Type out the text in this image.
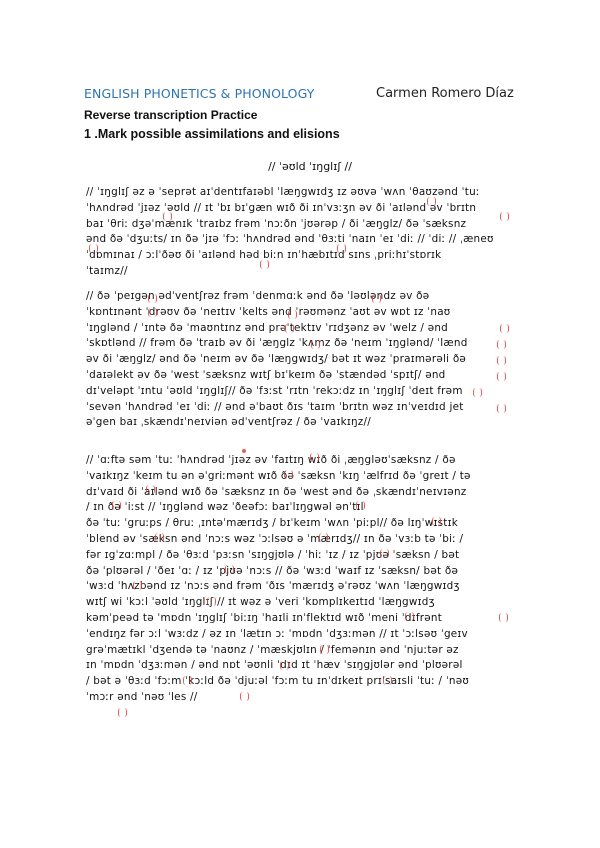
ENGLISH PHONETICS & PHONOLOGY	Carmen Romero Díaz
Reverse transcription Practice
1 .Mark possible assimilations and elisions
// ˈəʊld ˈɪŋglɪʃ //
// ˈɪŋglɪʃ əz ə ˈseprət aɪˈdentɪfaɪəbl ˈlæŋgwɪdʒ ɪz əʊvə ˈwʌn ˈθaʊzənd ˈtuː
ˈhʌndrəd ˈjɪəz ˈəʊld // ɪt ˈbɪ bɪˈgæn wɪð ði ɪnˈvɜːʒn əv ði ˈaɪlənd əv ˈbrɪtn
baɪ ˈθriː dʒəˈmænɪk ˈtraɪbz frəm ˈnɔːðn ˈjʊərəp / ði ˈæŋglz/ ðə ˈsæksnz
ənd ðə ˈdʒuːts/ ɪn ðə ˈjɪə ˈfɔː ˈhʌndrəd ənd ˈθɜːti ˈnaɪn ˈeɪ ˈdiː // ˈdiː // ˌæneʊ
ˈdɒmɪnaɪ / ɔːlˈðəʊ ði ˈaɪlənd həd biːn ɪnˈhæbɪtɪd sɪns ˌpriːhɪˈstɒrɪk
ˈtaɪmz//
// ðə ˈpeɪgən ədˈventʃrəz frəm ˈdenmɑːk ənd ðə ˈləʊləndz əv ðə
ˈkɒntɪnənt ˈdrəʊv ðə ˈneɪtɪv ˈkelts ənd ˈrəʊmənz ˈaʊt əv wɒt ɪz ˈnaʊ
ˈɪŋglənd / ˈɪntə ðə ˈmaʊntɪnz ənd prəˈtektɪv ˈrɪdʒənz əv ˈwelz / ənd
ˈskɒtlənd // frəm ðə ˈtraɪb əv ði ˈæŋglz ˈkʌmz ðə ˈneɪm ˈɪŋglənd/ ˈlænd
əv ði ˈæŋglz/ ənd ðə ˈneɪm əv ðə ˈlæŋgwɪdʒ/ bət ɪt wəz ˈpraɪmərəli ðə
ˈdaɪəlekt əv ðə ˈwest ˈsæksnz wɪtʃ bɪˈkeɪm ðə ˈstændəd ˈspɪtʃ/ ənd
dɪˈveləpt ˈɪntu ˈəʊld ˈɪŋglɪʃ// ðə ˈfɜːst ˈrɪtn ˈrekɔːdz ɪn ˈɪŋglɪʃ ˈdeɪt frəm
ˈsevən ˈhʌndrəd ˈeɪ ˈdiː // ənd əˈbaʊt ðɪs ˈtaɪm ˈbrɪtn wəz ɪnˈveɪdɪd jet
əˈgen baɪ ˌskændɪˈneɪviən ədˈventʃrəz / ðə ˈvaɪkɪŋz//
// ˈɑːftə səm ˈtuː ˈhʌndrəd ˈjɪəz əv ˈfaɪtɪŋ wɪð ði ˌæŋgləʊˈsæksnz / ðə
ˈvaɪkɪŋz ˈkeɪm tu ən əˈgriːmənt wɪð ðə ˈsæksn ˈkɪŋ ˈælfrɪd ðə ˈgreɪt / tə
dɪˈvaɪd ði ˈaɪlənd wɪð ðə ˈsæksnz ɪn ðə ˈwest ənd ðə ˌskændɪˈneɪvɪənz
/ ɪn ðə ˈiːst // ˈɪŋglənd wəz ˈðeəfɔː baɪˈlɪŋgwəl ənˈtɪl
ðə ˈtuː ˈgruːps / θruː ˌɪntəˈmærɪdʒ / bɪˈkeɪm ˈwʌn ˈpiːpl// ðə lɪŋˈwɪstɪk
ˈblend əv ˈsæksn ənd ˈnɔːs wəz ˈɔːlsəʊ ə ˈmærɪdʒ// ɪn ðə ˈvɜːb tə ˈbiː /
fər ɪgˈzɑːmpl / ðə ˈθɜːd ˈpɜːsn ˈsɪŋgjʊlə / ˈhiː ˈɪz / ɪz ˈpjʊə ˈsæksn / bət
ðə ˈplʊərəl / ˈðeɪ ˈɑː / ɪz ˈpjʊə ˈnɔːs // ðə ˈwɜːd ˈwaɪf ɪz ˈsæksn/ bət ðə
ˈwɜːd ˈhʌzbənd ɪz ˈnɔːs ənd frəm ˈðɪs ˈmærɪdʒ əˈrəʊz ˈwʌn ˈlæŋgwɪdʒ
wɪtʃ wi ˈkɔːl ˈəʊld ˈɪŋglɪʃ // ɪt wəz ə ˈveri ˈkɒmplɪkeɪtɪd ˈlæŋgwɪdʒ
kəmˈpeəd tə ˈmɒdn ˈɪŋglɪʃ ˈbiːɪŋ ˈhaɪli ɪnˈflektɪd wɪð ˈmeni ˈdɪfrənt
ˈendɪŋz fər ɔːl ˈwɜːdz / əz ɪn ˈlætɪn ɔː ˈmɒdn ˈdʒɜːmən // ɪt ˈɔːlsəʊ ˈgeɪv
grəˈmætɪkl ˈdʒendə tə ˈnaʊnz / ˈmæskjʊlɪn / ˈfemənɪn ənd ˈnjuːtər əz
ɪn ˈmɒdn ˈdʒɜːmən / ənd nɒt ˈəʊnli ˈdɪd ɪt ˈhæv ˈsɪŋgjʊlər ənd ˈplʊərəl
/ bət ə ˈθɜːd ˈfɔːm ˈkɔːld ðə ˈdjuːəl ˈfɔːm tu ɪnˈdɪkeɪt prɪˈsaɪsli ˈtuː / ˈnəʊ
ˈmɔːr ənd ˈnəʊ ˈles //
